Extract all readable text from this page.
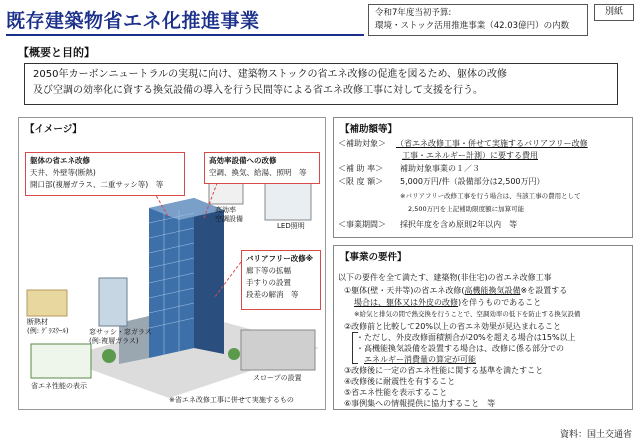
既存建築物省エネ化推進事業	令和7年度当初予算:
環境・ストック活用推進事業（42.03億円）の内数
別紙
【概要と目的】
2050年カーボンニュートラルの実現に向け、建築物ストックの省エネ改修の促進を図るため、躯体の改修
及び空調の効率化に資する換気設備の導入を行う民間等による省エネ改修工事に対して支援を行う。
【イメージ】
躯体の省エネ改修
天井、外壁等(断熱)
開口部(複層ガラス、二重サッシ等)　等
高効率設備への改修
空調、換気、給湯、照明　等
バリアフリー改修※
廊下等の拡幅
手すりの設置
段差の解消　等
断熱材
(例: ｸﾞﾗｽｳｰﾙ)	窓サッシ・窓ガラス
(例:複層ガラス)
高効率
空調設備
LED照明
省エネ性能の表示
スロープの設置
※省エネ改修工事に併せて実施するもの
【補助額等】
＜補助対象＞ （省エネ改修工事・併せて実施するバリアフリー改修
工事・エネルギー計測）に要する費用
＜補 助 率＞ 補助対象事業の１／３
＜限 度 額＞ 5,000万円/件（設備部分は2,500万円）
※バリアフリー改修工事を行う場合は、当該工事の費用として
2,500万円を上記補助限度額に加算可能
＜事業期間＞ 採択年度を含め原則2年以内　等
【事業の要件】
以下の要件を全て満たす、建築物(非住宅)の省エネ改修工事
①躯体(壁・天井等)の省エネ改修(高機能換気設備※を設置する
場合は、躯体又は外皮の改修)を伴うものであること
※給気と排気の間で熱交換を行うことで、空調効率の低下を防止する換気設備
②改修前と比較して20%以上の省エネ効果が見込まれること
・ただし、外皮改修面積割合が20%を超える場合は15%以上
・高機能換気設備を設置する場合は、改修に係る部分での
エネルギー消費量の算定が可能
③改修後に一定の省エネ性能に関する基準を満たすこと
④改修後に耐震性を有すること
⑤省エネ性能を表示すること
⑥事例集への情報提供に協力すること　等
資料：国土交通省
